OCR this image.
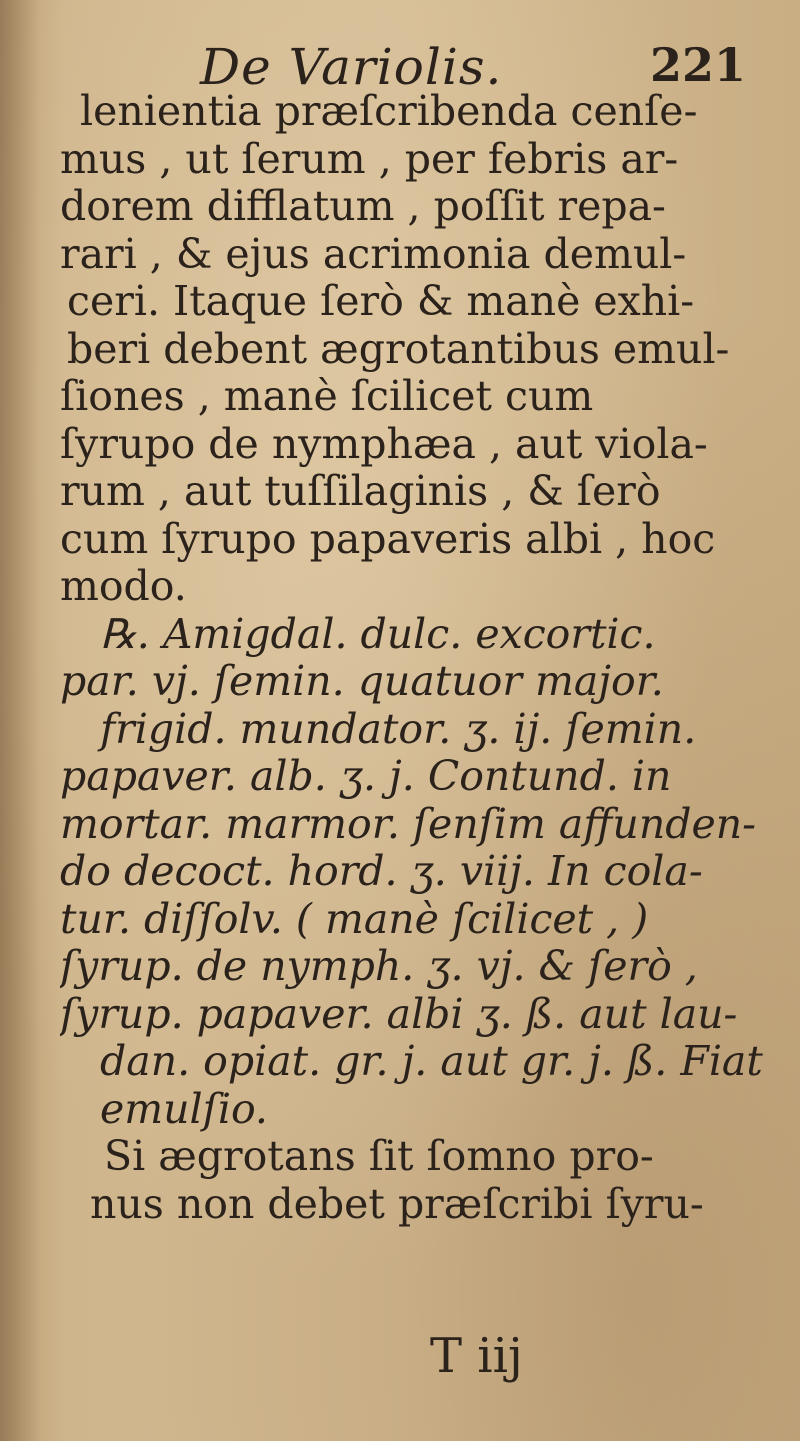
De Variolis.	221
lenientia præſcribenda cenſe-
mus , ut ſerum , per febris ar-
dorem difflatum , poſſit repa-
rari , & ejus acrimonia demul-
ceri. Itaque ſerò & manè exhi-
beri debent ægrotantibus emul-
ſiones , manè ſcilicet cum
ſyrupo de nymphæa , aut viola-
rum , aut tuſſilaginis , & ſerò
cum ſyrupo papaveris albi , hoc
modo.
℞. Amigdal. dulc. excortic.
par. vj. ſemin. quatuor major.
frigid. mundator. ʒ. ij. ſemin.
papaver. alb. ʒ. j. Contund. in
mortar. marmor. ſenſim affunden-
do decoct. hord. ʒ. viij. In cola-
tur. diſſolv. ( manè ſcilicet , )
ſyrup. de nymph. ʒ. vj. & ſerò ,
ſyrup. papaver. albi ʒ. ß. aut lau-
dan. opiat. gr. j. aut gr. j. ß. Fiat
emulſio.
Si ægrotans ſit ſomno pro-
nus non debet præſcribi ſyru-
T iij
